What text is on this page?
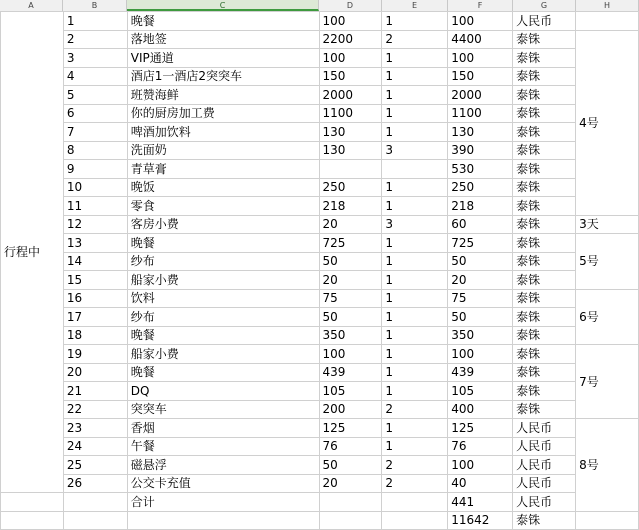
A	B	C	D	E	F	G	H
行程中	1	晚餐	100	1	100	人民币	
	2	落地签	2200	2	4400	泰铢	4号
	3	VIP通道	100	1	100	泰铢	
	4	酒店1一酒店2突突车	150	1	150	泰铢	
	5	班赞海鲜	2000	1	2000	泰铢	
	6	你的厨房加工费	1100	1	1100	泰铢	
	7	啤酒加饮料	130	1	130	泰铢	
	8	洗面奶	130	3	390	泰铢	
	9	青草膏			530	泰铢	
	10	晚饭	250	1	250	泰铢	
	11	零食	218	1	218	泰铢	
	12	客房小费	20	3	60	泰铢	3天
	13	晚餐	725	1	725	泰铢	5号
	14	纱布	50	1	50	泰铢	
	15	船家小费	20	1	20	泰铢	
	16	饮料	75	1	75	泰铢	6号
	17	纱布	50	1	50	泰铢	
	18	晚餐	350	1	350	泰铢	
	19	船家小费	100	1	100	泰铢	7号
	20	晚餐	439	1	439	泰铢	
	21	DQ	105	1	105	泰铢	
	22	突突车	200	2	400	泰铢	
	23	香烟	125	1	125	人民币	8号
	24	午餐	76	1	76	人民币	
	25	磁悬浮	50	2	100	人民币	
	26	公交卡充值	20	2	40	人民币	
		合计			441	人民币	
					11642	泰铢	
